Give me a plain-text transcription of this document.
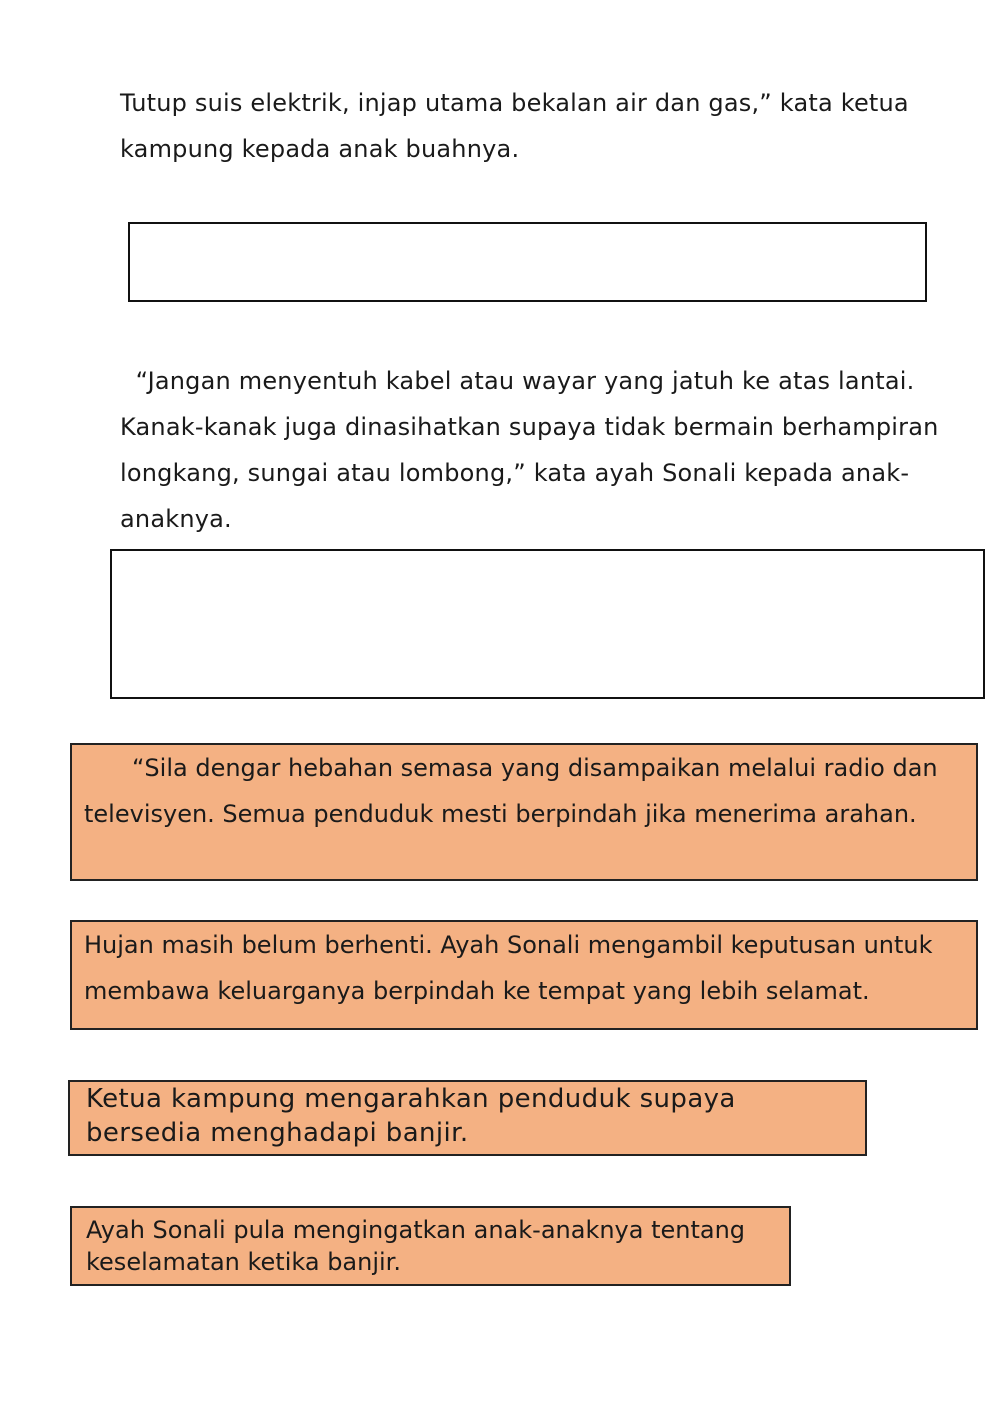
Tutup suis elektrik, injap utama bekalan air dan gas,” kata ketua kampung kepada anak buahnya.

“Jangan menyentuh kabel atau wayar yang jatuh ke atas lantai. Kanak-kanak juga dinasihatkan supaya tidak bermain berhampiran longkang, sungai atau lombong,” kata ayah Sonali kepada anak-anaknya.

“Sila dengar hebahan semasa yang disampaikan melalui radio dan televisyen. Semua penduduk mesti berpindah jika menerima arahan.

Hujan masih belum berhenti. Ayah Sonali mengambil keputusan untuk membawa keluarganya berpindah ke tempat yang lebih selamat.

Ketua kampung mengarahkan penduduk supaya bersedia menghadapi banjir.

Ayah Sonali pula mengingatkan anak-anaknya tentang keselamatan ketika banjir.
